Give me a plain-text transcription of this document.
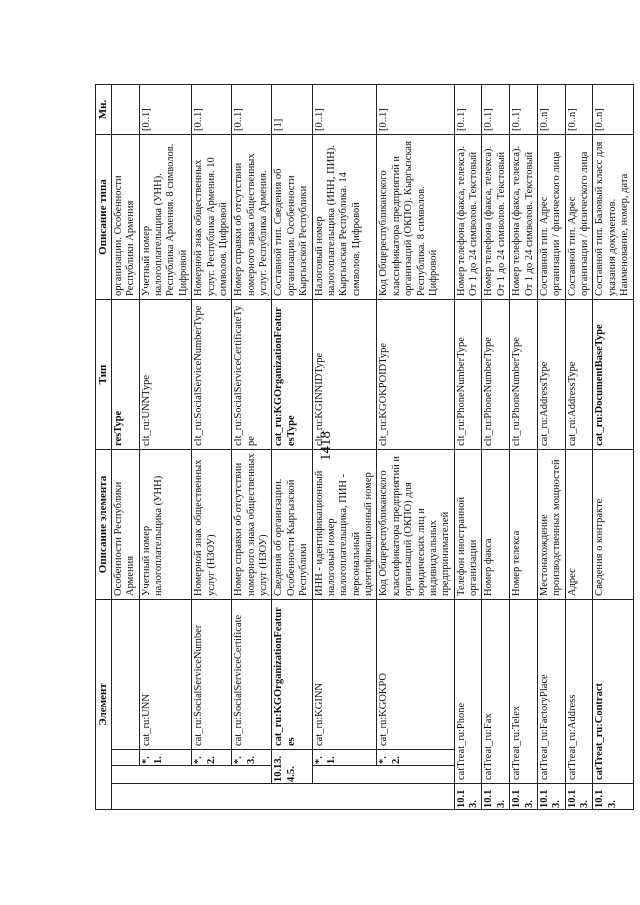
1418
Элемент				Описание элемента	Тип	Описание типа	Мн.
				Особенности Республики Армения	resType	организации. Особенности Республики Армения	
		*.1.	cat_ru:UNN	Учетный номер налогоплательщика (УНН)	clt_ru:UNNType	Учетный номер налогоплательщика (УНН). Республика Армения. 8 символов. Цифровой	[0..1]
		*.2.	cat_ru:SocialServiceNumber	Номерной знак общественных услуг (НЗОУ)	clt_ru:SocialServiceNumberType	Номерной знак общественных услуг. Республика Армения. 10 символов. Цифровой	[0..1]
		*.3.	cat_ru:SocialServiceCertificate	Номер справки об отсутствии номерного знака общественных услуг (НЗОУ)	clt_ru:SocialServiceCertificateType	Номер справки об отсутствии номерного знака общественных услуг. Республика Армения.	[0..1]
	10.13.4.5.		cat_ru:KGOrganizationFeatures	Сведения об организации. Особенности Кыргызской Республики	cat_ru:KGOrganizationFeaturesType	Составной тип. Сведения об организации. Особенности Кыргызской Республики	[1]
		*.1.	cat_ru:KGINN	ИНН - идентификационный налоговый номер налогоплательщика, ПИН - персональный идентификационный номер	clt_ru:KGINNIDType	Налоговый номер налогоплательщика (ИНН, ПИН). Кыргызская Республика. 14 символов. Цифровой	[0..1]
		*.2.	cat_ru:KGOKPO	Код Общереспубликанского классификатора предприятий и организаций (ОКПО) для юридических лиц и индивидуальных предпринимателей	clt_ru:KGOKPOIDType	Код Общереспубликанского классификатора предприятий и организаций (ОКПО). Кыргызская Республика. 8 символов. Цифровой	[0..1]
10.13.	catTreat_ru:Phone			Телефон иностранной организации	clt_ru:PhoneNumberType	Номер телефона (факса, телекса). От 1 до 24 символов. Текстовый	[0..1]
10.13.	catTreat_ru:Fax			Номер факса	clt_ru:PhoneNumberType	Номер телефона (факса, телекса). От 1 до 24 символов. Текстовый	[0..1]
10.13.	catTreat_ru:Telex			Номер телекса	clt_ru:PhoneNumberType	Номер телефона (факса, телекса). От 1 до 24 символов. Текстовый	[0..1]
10.13.	catTreat_ru:FactoryPlace			Местонахождение производственных мощностей	cat_ru:AddressType	Составной тип. Адрес организации / физического лица	[0..n]
10.13.	catTreat_ru:Address			Адрес	cat_ru:AddressType	Составной тип. Адрес организации / физического лица	[0..n]
10.13.	catTreat_ru:Contract			Сведения о контракте	cat_ru:DocumentBaseType	Составной тип. Базовый класс для указания документов. Наименование, номер, дата	[0..n]
